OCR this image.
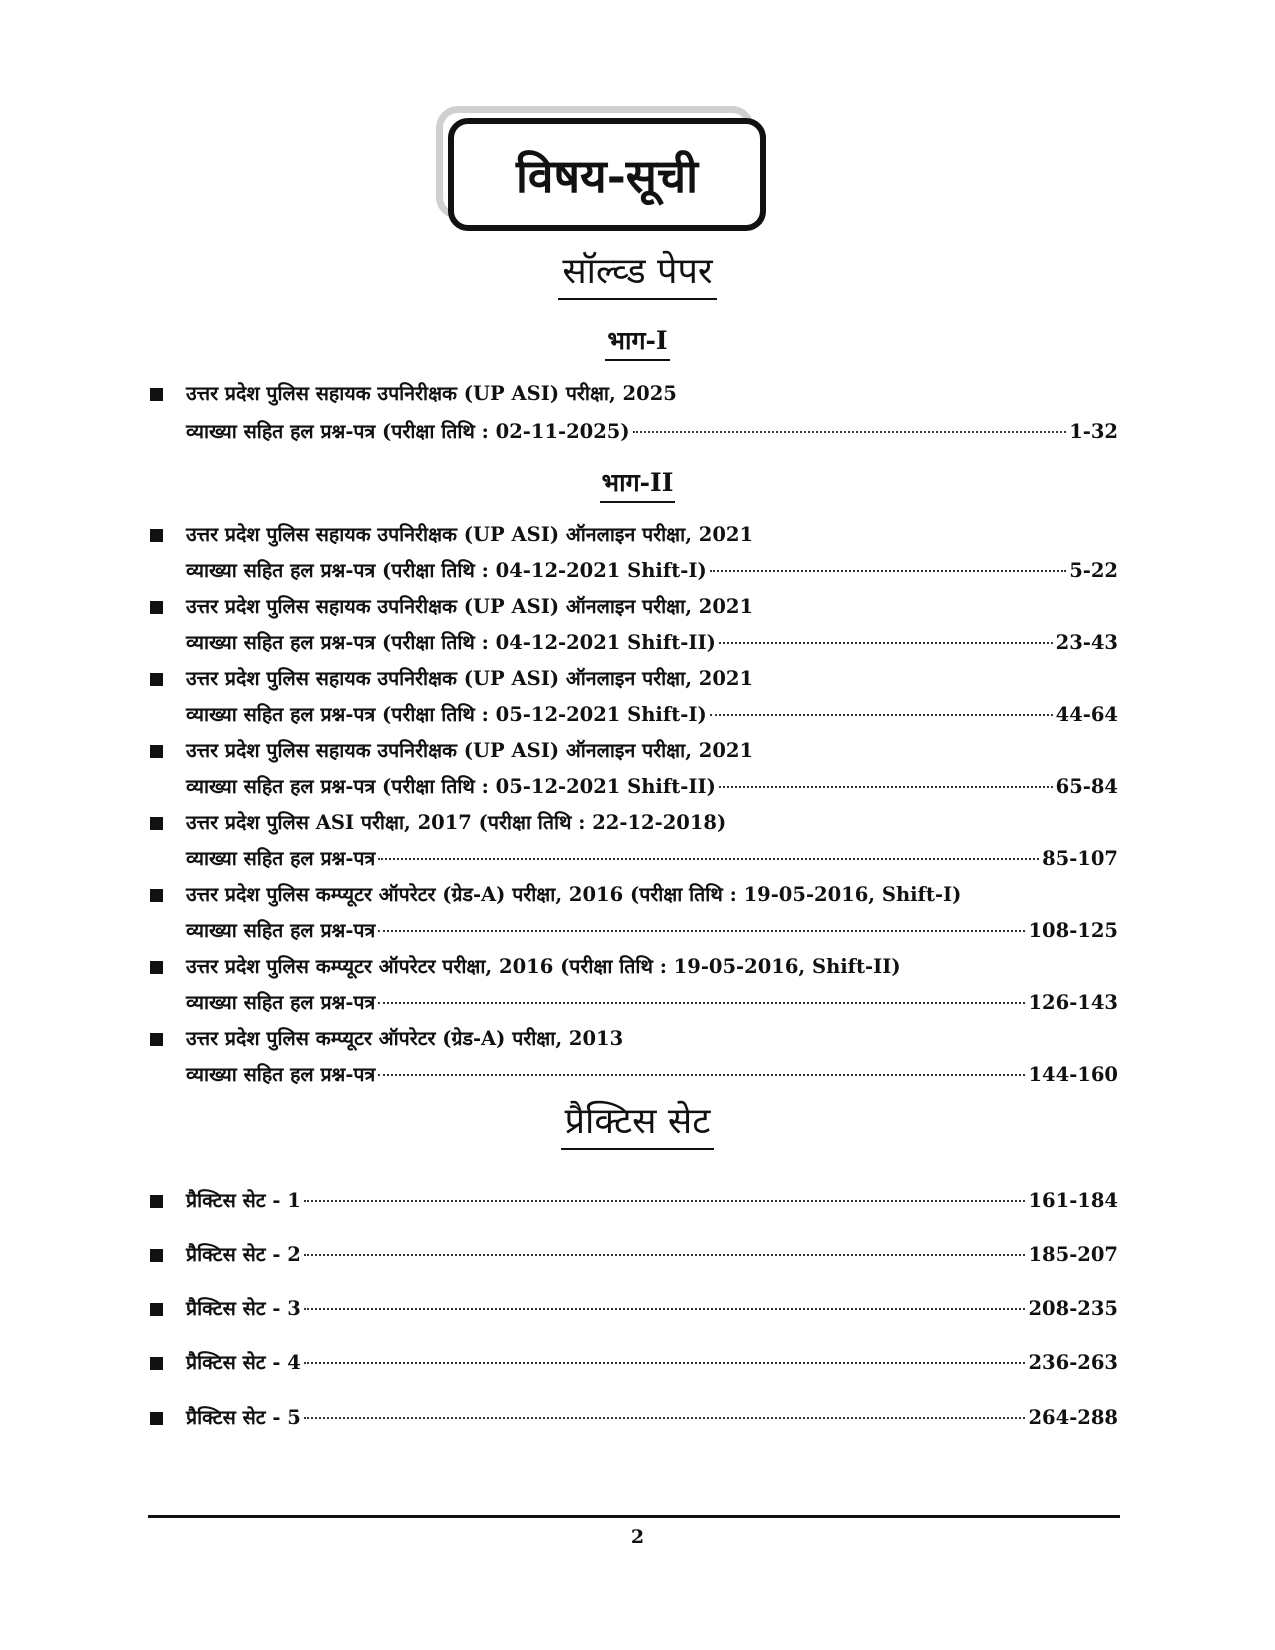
विषय-सूची
सॉल्व्ड पेपर
भाग-I
उत्तर प्रदेश पुलिस सहायक उपनिरीक्षक (UP ASI) परीक्षा, 2025
व्याख्या सहित हल प्रश्न-पत्र (परीक्षा तिथि : 02-11-2025)	1-32
भाग-II
उत्तर प्रदेश पुलिस सहायक उपनिरीक्षक (UP ASI) ऑनलाइन परीक्षा, 2021
व्याख्या सहित हल प्रश्न-पत्र (परीक्षा तिथि : 04-12-2021 Shift-I)	5-22
उत्तर प्रदेश पुलिस सहायक उपनिरीक्षक (UP ASI) ऑनलाइन परीक्षा, 2021
व्याख्या सहित हल प्रश्न-पत्र (परीक्षा तिथि : 04-12-2021 Shift-II)	23-43
उत्तर प्रदेश पुलिस सहायक उपनिरीक्षक (UP ASI) ऑनलाइन परीक्षा, 2021
व्याख्या सहित हल प्रश्न-पत्र (परीक्षा तिथि : 05-12-2021 Shift-I)	44-64
उत्तर प्रदेश पुलिस सहायक उपनिरीक्षक (UP ASI) ऑनलाइन परीक्षा, 2021
व्याख्या सहित हल प्रश्न-पत्र (परीक्षा तिथि : 05-12-2021 Shift-II)	65-84
उत्तर प्रदेश पुलिस ASI परीक्षा, 2017 (परीक्षा तिथि : 22-12-2018)
व्याख्या सहित हल प्रश्न-पत्र	85-107
उत्तर प्रदेश पुलिस कम्प्यूटर ऑपरेटर (ग्रेड-A) परीक्षा, 2016 (परीक्षा तिथि : 19-05-2016, Shift-I)
व्याख्या सहित हल प्रश्न-पत्र	108-125
उत्तर प्रदेश पुलिस कम्प्यूटर ऑपरेटर परीक्षा, 2016 (परीक्षा तिथि : 19-05-2016, Shift-II)
व्याख्या सहित हल प्रश्न-पत्र	126-143
उत्तर प्रदेश पुलिस कम्प्यूटर ऑपरेटर (ग्रेड-A) परीक्षा, 2013
व्याख्या सहित हल प्रश्न-पत्र	144-160
प्रैक्टिस सेट
प्रैक्टिस सेट - 1	161-184
प्रैक्टिस सेट - 2	185-207
प्रैक्टिस सेट - 3	208-235
प्रैक्टिस सेट - 4	236-263
प्रैक्टिस सेट - 5	264-288
2
